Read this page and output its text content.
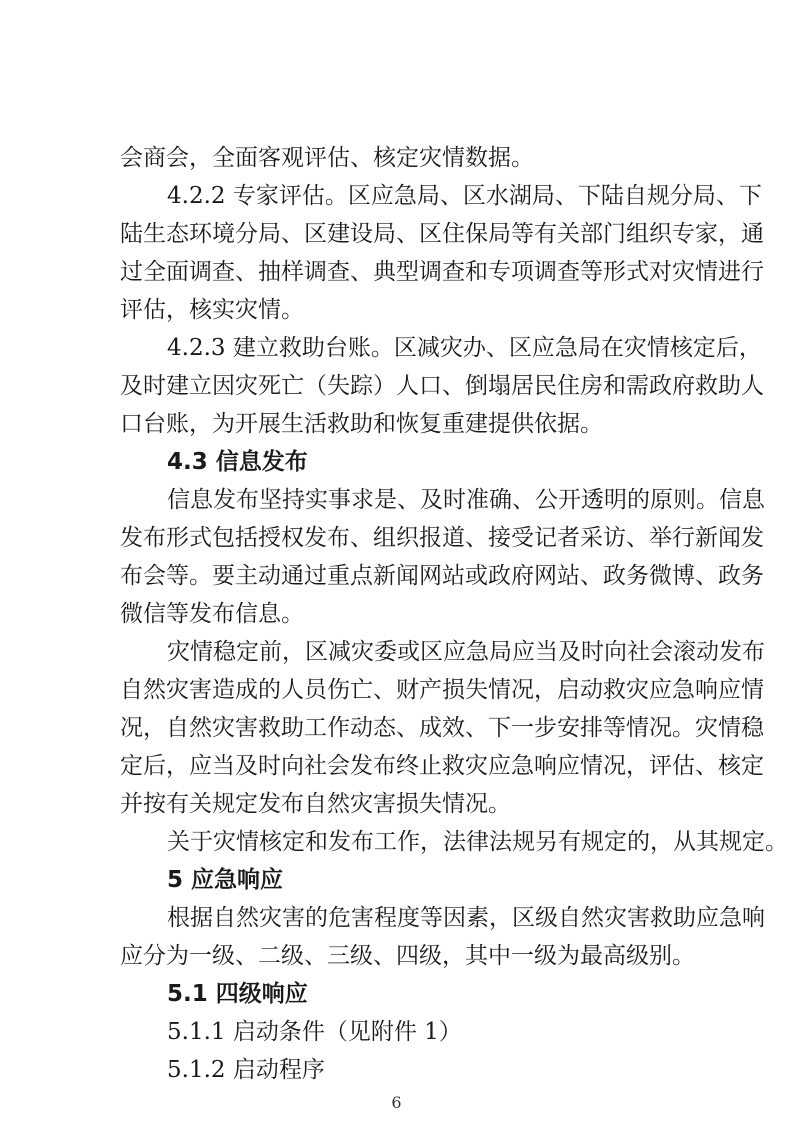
会商会，全面客观评估、核定灾情数据。
4.2.2 专家评估。区应急局、区水湖局、下陆自规分局、下
陆生态环境分局、区建设局、区住保局等有关部门组织专家，通
过全面调查、抽样调查、典型调查和专项调查等形式对灾情进行
评估，核实灾情。
4.2.3 建立救助台账。区减灾办、区应急局在灾情核定后，
及时建立因灾死亡（失踪）人口、倒塌居民住房和需政府救助人
口台账，为开展生活救助和恢复重建提供依据。
4.3 信息发布
信息发布坚持实事求是、及时准确、公开透明的原则。信息
发布形式包括授权发布、组织报道、接受记者采访、举行新闻发
布会等。要主动通过重点新闻网站或政府网站、政务微博、政务
微信等发布信息。
灾情稳定前，区减灾委或区应急局应当及时向社会滚动发布
自然灾害造成的人员伤亡、财产损失情况，启动救灾应急响应情
况，自然灾害救助工作动态、成效、下一步安排等情况。灾情稳
定后，应当及时向社会发布终止救灾应急响应情况，评估、核定
并按有关规定发布自然灾害损失情况。
关于灾情核定和发布工作，法律法规另有规定的，从其规定。
5 应急响应
根据自然灾害的危害程度等因素，区级自然灾害救助应急响
应分为一级、二级、三级、四级，其中一级为最高级别。
5.1 四级响应
5.1.1 启动条件（见附件 1）
5.1.2 启动程序
6
